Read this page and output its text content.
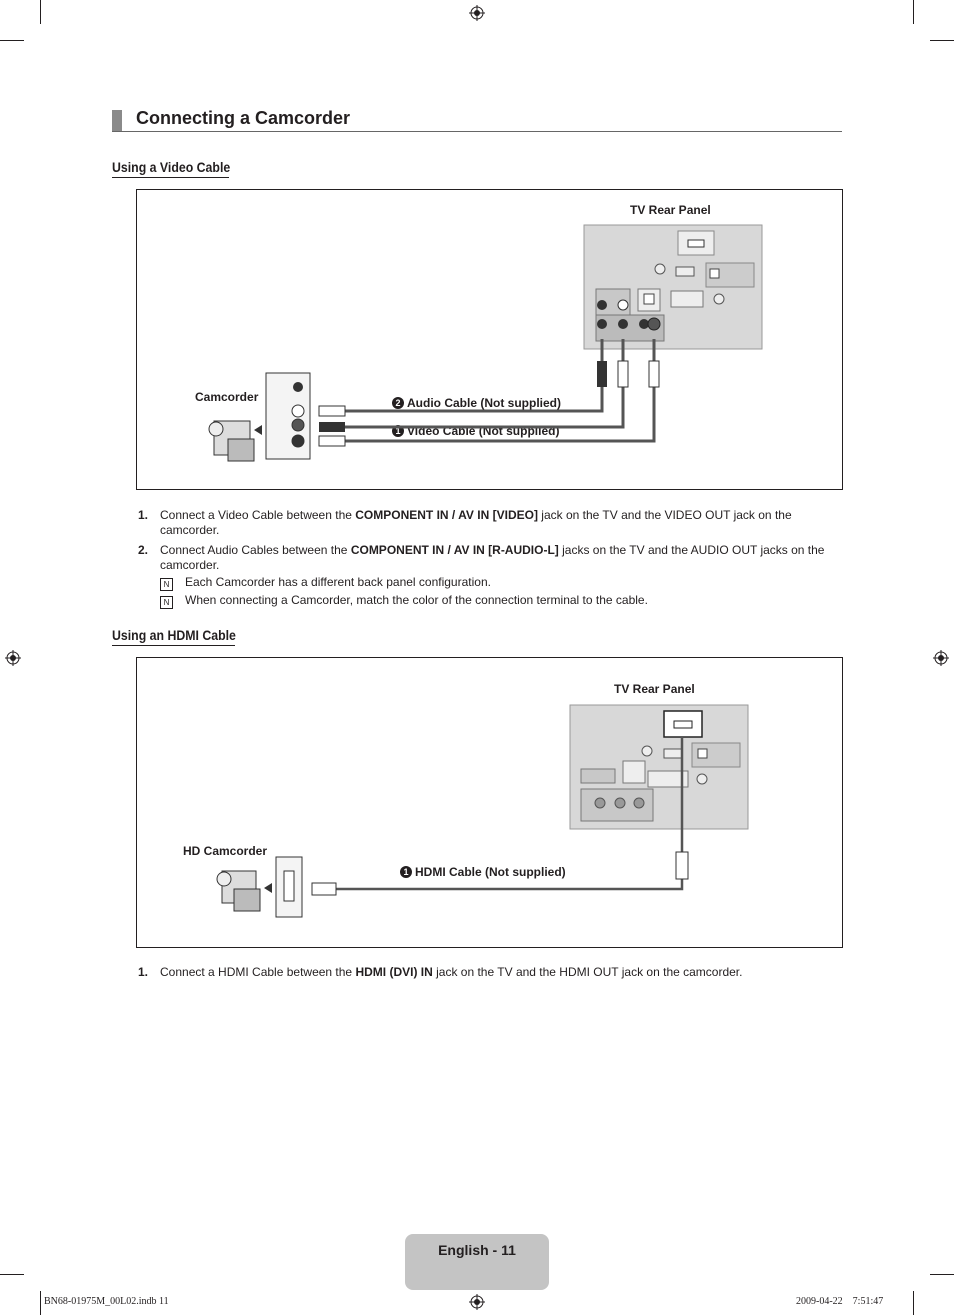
Connecting a Camcorder
Using a Video Cable
TV Rear Panel
Camcorder	2 Audio Cable (Not supplied)
1 Video Cable (Not supplied)
1. Connect a Video Cable between the COMPONENT IN / AV IN [VIDEO] jack on the TV and the VIDEO OUT jack on the camcorder.
2. Connect Audio Cables between the COMPONENT IN / AV IN [R-AUDIO-L] jacks on the TV and the AUDIO OUT jacks on the camcorder.
N Each Camcorder has a different back panel configuration.
N When connecting a Camcorder, match the color of the connection terminal to the cable.
Using an HDMI Cable
TV Rear Panel
HD Camcorder
1 HDMI Cable (Not supplied)
1. Connect a HDMI Cable between the HDMI (DVI) IN jack on the TV and the HDMI OUT jack on the camcorder.
English - 11
BN68-01975M_00L02.indb 11	2009-04-22    7:51:47
